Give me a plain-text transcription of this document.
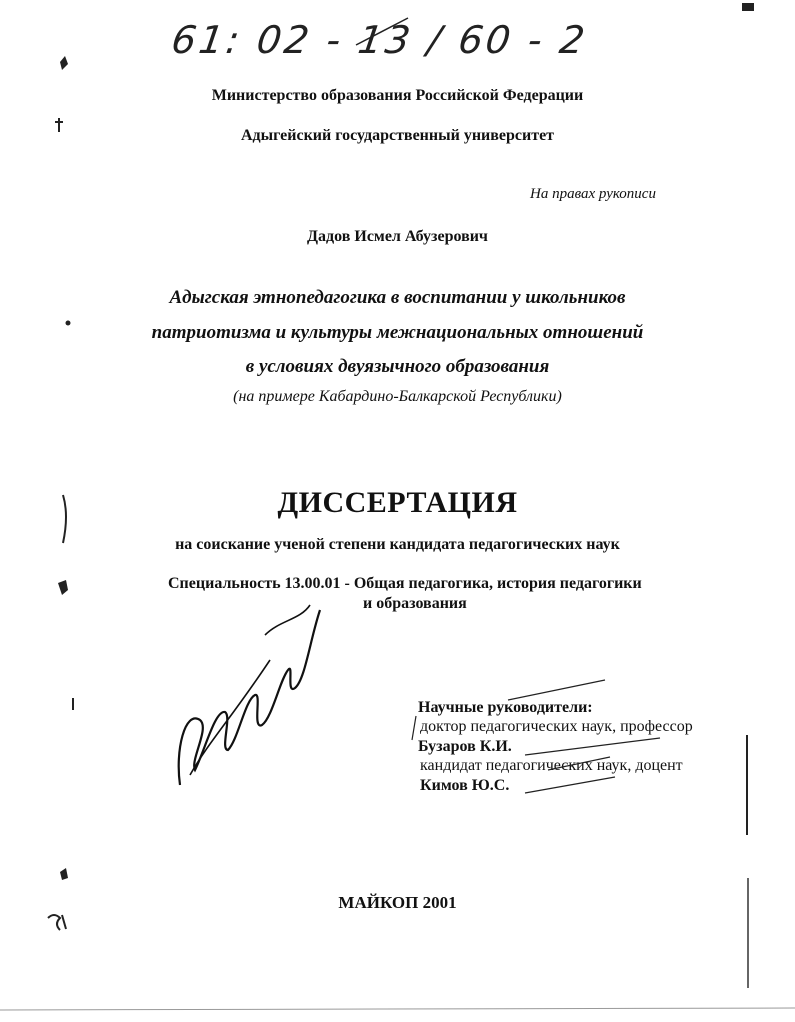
61: 02 - 13 / 60 - 2
Министерство образования Российской Федерации
Адыгейский государственный университет
На правах рукописи
Дадов Исмел Абузерович
Адыгская этнопедагогика в воспитании у школьников
патриотизма и культуры межнациональных отношений
в условиях двуязычного образования
(на примере Кабардино-Балкарской Республики)
ДИССЕРТАЦИЯ
на соискание ученой степени кандидата педагогических наук
Специальность 13.00.01 - Общая педагогика, история педагогики
и образования
Научные руководители:
доктор педагогических наук, профессор
Бузаров К.И.
кандидат педагогических наук, доцент
Кимов Ю.С.
МАЙКОП 2001
